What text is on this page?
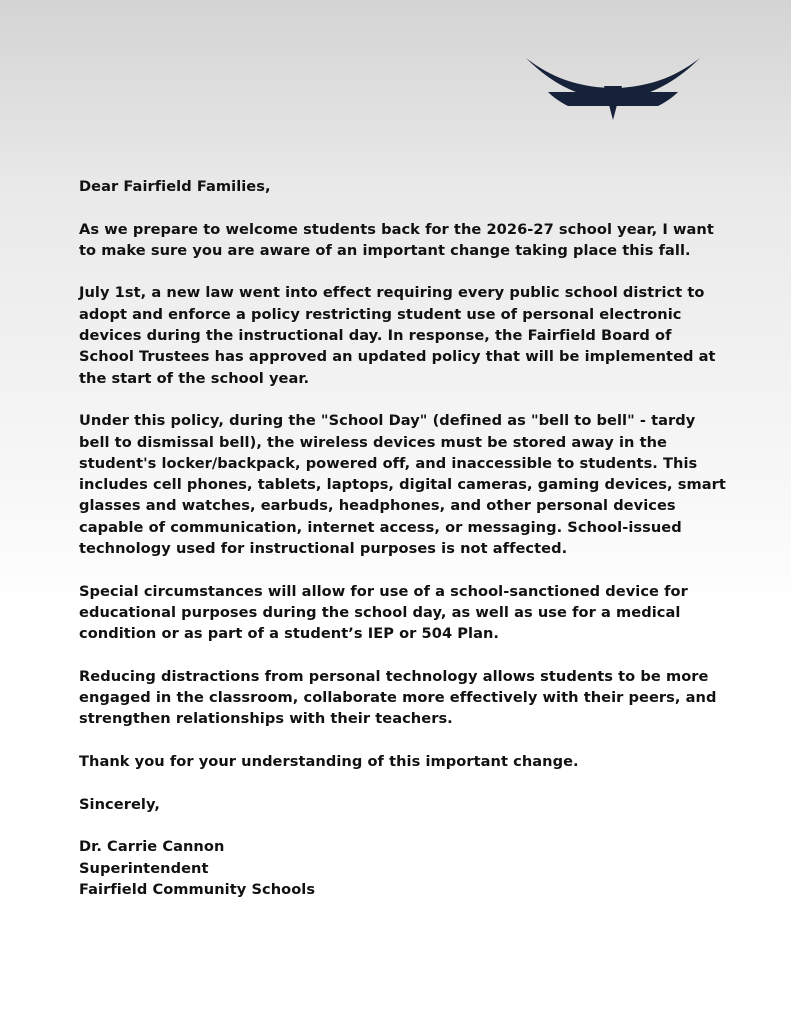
Dear Fairfield Families,

As we prepare to welcome students back for the 2026-27 school year, I want to make sure you are aware of an important change taking place this fall.

July 1st, a new law went into effect requiring every public school district to adopt and enforce a policy restricting student use of personal electronic devices during the instructional day. In response, the Fairfield Board of School Trustees has approved an updated policy that will be implemented at the start of the school year.

Under this policy, during the "School Day" (defined as "bell to bell" - tardy bell to dismissal bell), the wireless devices must be stored away in the student's locker/backpack, powered off, and inaccessible to students. This includes cell phones, tablets, laptops, digital cameras, gaming devices, smart glasses and watches, earbuds, headphones, and other personal devices capable of communication, internet access, or messaging. School-issued technology used for instructional purposes is not affected.

Special circumstances will allow for use of a school-sanctioned device for educational purposes during the school day, as well as use for a medical condition or as part of a student’s IEP or 504 Plan.

Reducing distractions from personal technology allows students to be more engaged in the classroom, collaborate more effectively with their peers, and strengthen relationships with their teachers.

Thank you for your understanding of this important change.

Sincerely,

Dr. Carrie Cannon
Superintendent
Fairfield Community Schools
